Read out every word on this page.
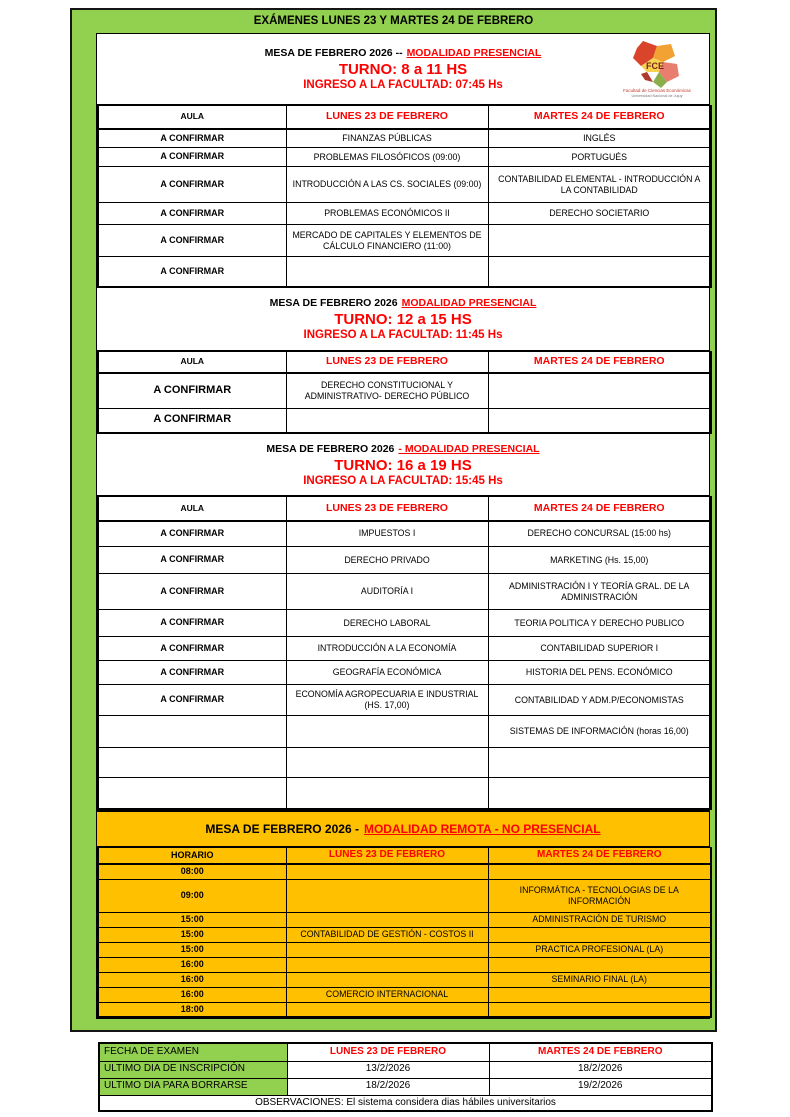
EXÁMENES LUNES 23 Y MARTES 24 DE FEBRERO
MESA DE FEBRERO 2026 -- MODALIDAD PRESENCIAL
TURNO: 8 a 11 HS
INGRESO A LA FACULTAD: 07:45 Hs
FCE
Facultad de Ciencias Económicas
Universidad Nacional de Jujuy
AULA	LUNES 23 DE FEBRERO	MARTES 24 DE FEBRERO
A CONFIRMAR	FINANZAS PÚBLICAS	INGLÉS
A CONFIRMAR	PROBLEMAS FILOSÓFICOS (09:00)	PORTUGUÉS
A CONFIRMAR	INTRODUCCIÓN A LAS CS. SOCIALES (09:00)	CONTABILIDAD ELEMENTAL - INTRODUCCIÓN A LA CONTABILIDAD
A CONFIRMAR	PROBLEMAS ECONÓMICOS II	DERECHO SOCIETARIO
A CONFIRMAR	MERCADO DE CAPITALES Y ELEMENTOS DE CÁLCULO FINANCIERO (11:00)	
A CONFIRMAR		
MESA DE FEBRERO 2026 MODALIDAD PRESENCIAL
TURNO: 12 a 15 HS
INGRESO A LA FACULTAD: 11:45 Hs
AULA	LUNES 23 DE FEBRERO	MARTES 24 DE FEBRERO
A CONFIRMAR	DERECHO CONSTITUCIONAL Y ADMINISTRATIVO- DERECHO PÚBLICO	
A CONFIRMAR		
MESA DE FEBRERO 2026 - MODALIDAD PRESENCIAL
TURNO: 16 a 19 HS
INGRESO A LA FACULTAD: 15:45 Hs
AULA	LUNES 23 DE FEBRERO	MARTES 24 DE FEBRERO
A CONFIRMAR	IMPUESTOS I	DERECHO CONCURSAL (15:00 hs)
A CONFIRMAR	DERECHO PRIVADO	MARKETING (Hs. 15,00)
A CONFIRMAR	AUDITORÍA I	ADMINISTRACIÓN I Y TEORÍA GRAL. DE LA ADMINISTRACIÓN
A CONFIRMAR	DERECHO LABORAL	TEORIA POLITICA Y DERECHO PUBLICO
A CONFIRMAR	INTRODUCCIÓN A LA ECONOMÍA	CONTABILIDAD SUPERIOR I
A CONFIRMAR	GEOGRAFÍA ECONÓMICA	HISTORIA DEL PENS. ECONÓMICO
A CONFIRMAR	ECONOMÍA AGROPECUARIA E INDUSTRIAL (HS. 17,00)	CONTABILIDAD Y ADM.P/ECONOMISTAS
		SISTEMAS DE INFORMACIÓN (horas 16,00)

MESA DE FEBRERO 2026 - MODALIDAD REMOTA - NO PRESENCIAL
HORARIO	LUNES 23 DE FEBRERO	MARTES 24 DE FEBRERO
08:00		
09:00		INFORMÁTICA - TECNOLOGIAS DE LA INFORMACIÓN
15:00		ADMINISTRACIÓN DE TURISMO
15:00	CONTABILIDAD DE GESTIÓN - COSTOS II	
15:00		PRACTICA PROFESIONAL (LA)
16:00		
16:00		SEMINARIO FINAL (LA)
16:00	COMERCIO INTERNACIONAL	
18:00		
FECHA DE EXAMEN	LUNES 23 DE FEBRERO	MARTES 24 DE FEBRERO
ULTIMO DIA DE INSCRIPCIÓN	13/2/2026	18/2/2026
ULTIMO DIA PARA BORRARSE	18/2/2026	19/2/2026
OBSERVACIONES: El sistema considera dias hábiles universitarios		
